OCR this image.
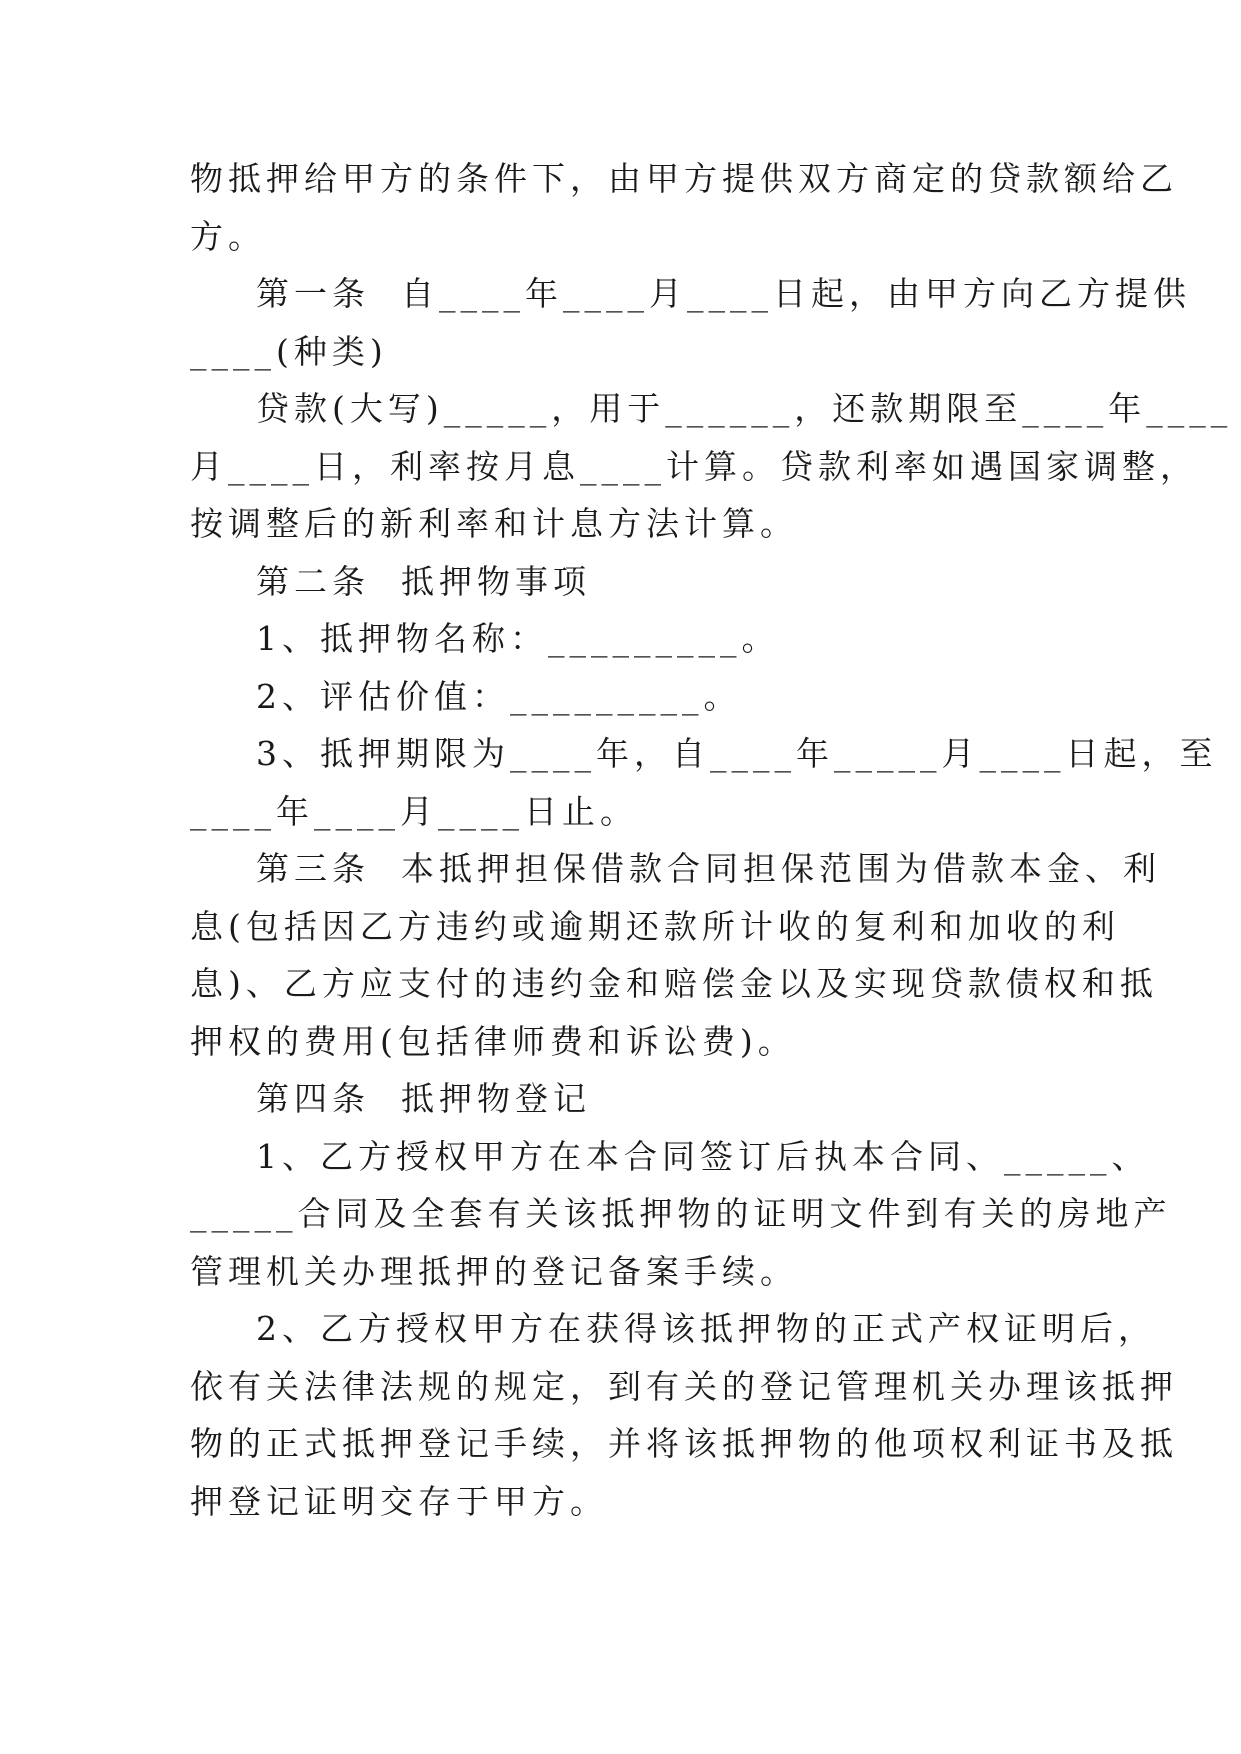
物抵押给甲方的条件下，由甲方提供双方商定的贷款额给乙
方。
第一条  自____年____月____日起，由甲方向乙方提供
____(种类)
贷款(大写)_____，用于______，还款期限至____年____
月____日，利率按月息____计算。贷款利率如遇国家调整，
按调整后的新利率和计息方法计算。
第二条  抵押物事项
1、抵押物名称：_________。
2、评估价值：_________。
3、抵押期限为____年，自____年_____月____日起，至
____年____月____日止。
第三条  本抵押担保借款合同担保范围为借款本金、利
息(包括因乙方违约或逾期还款所计收的复利和加收的利
息)、乙方应支付的违约金和赔偿金以及实现贷款债权和抵
押权的费用(包括律师费和诉讼费)。
第四条  抵押物登记
1、乙方授权甲方在本合同签订后执本合同、_____、
_____合同及全套有关该抵押物的证明文件到有关的房地产
管理机关办理抵押的登记备案手续。
2、乙方授权甲方在获得该抵押物的正式产权证明后，
依有关法律法规的规定，到有关的登记管理机关办理该抵押
物的正式抵押登记手续，并将该抵押物的他项权利证书及抵
押登记证明交存于甲方。
